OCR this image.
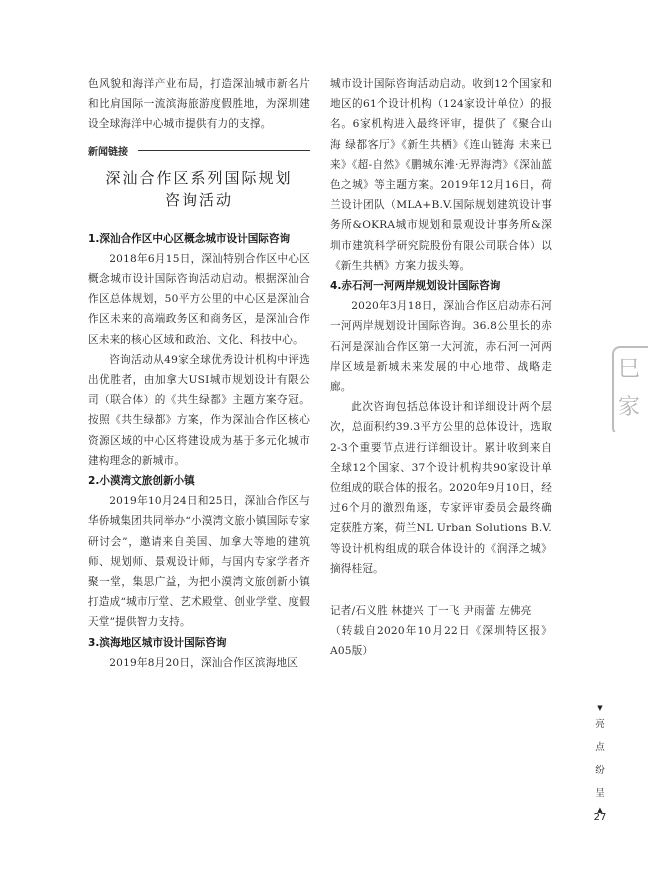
色风貌和海洋产业布局，打造深汕城市新名片和比肩国际一流滨海旅游度假胜地，为深圳建设全球海洋中心城市提供有力的支撑。

新闻链接
深汕合作区系列国际规划
咨询活动
1.深汕合作区中心区概念城市设计国际咨询

2018年6月15日，深汕特别合作区中心区概念城市设计国际咨询活动启动。根据深汕合作区总体规划，50平方公里的中心区是深汕合作区未来的高端政务区和商务区，是深汕合作区未来的核心区域和政治、文化、科技中心。

咨询活动从49家全球优秀设计机构中评选出优胜者，由加拿大USI城市规划设计有限公司（联合体）的《共生绿都》主题方案夺冠。按照《共生绿都》方案，作为深汕合作区核心资源区域的中心区将建设成为基于多元化城市建构理念的新城市。

2.小漠湾文旅创新小镇

2019年10月24日和25日，深汕合作区与华侨城集团共同举办“小漠湾文旅小镇国际专家研讨会”，邀请来自美国、加拿大等地的建筑师、规划师、景观设计师，与国内专家学者齐聚一堂，集思广益，为把小漠湾文旅创新小镇打造成“城市厅堂、艺术殿堂、创业学堂、度假天堂”提供智力支持。

3.滨海地区城市设计国际咨询

2019年8月20日，深汕合作区滨海地区

城市设计国际咨询活动启动。收到12个国家和地区的61个设计机构（124家设计单位）的报名。6家机构进入最终评审，提供了《聚合山海 绿都客厅》《新生共栖》《连山链海 未来已来》《超-自然》《鹏城东滩·无界海湾》《深汕蓝色之城》等主题方案。2019年12月16日，荷兰设计团队（MLA+B.V.国际规划建筑设计事务所&OKRA城市规划和景观设计事务所&深圳市建筑科学研究院股份有限公司联合体）以《新生共栖》方案力拔头筹。

4.赤石河一河两岸规划设计国际咨询

2020年3月18日，深汕合作区启动赤石河一河两岸规划设计国际咨询。36.8公里长的赤石河是深汕合作区第一大河流，赤石河一河两岸区域是新城未来发展的中心地带、战略走廊。

此次咨询包括总体设计和详细设计两个层次，总面积约39.3平方公里的总体设计，选取2-3个重要节点进行详细设计。累计收到来自全球12个国家、37个设计机构共90家设计单位组成的联合体的报名。2020年9月10日，经过6个月的激烈角逐，专家评审委员会最终确定获胜方案，荷兰NL Urban Solutions B.V.等设计机构组成的联合体设计的《润泽之城》摘得桂冠。

记者/石义胜 林捷兴 丁一飞 尹雨蕾 左佛亮

（转载自2020年10月22日《深圳特区报》A05版）

巳
家
▼
亮
点
纷
呈
▲
27
